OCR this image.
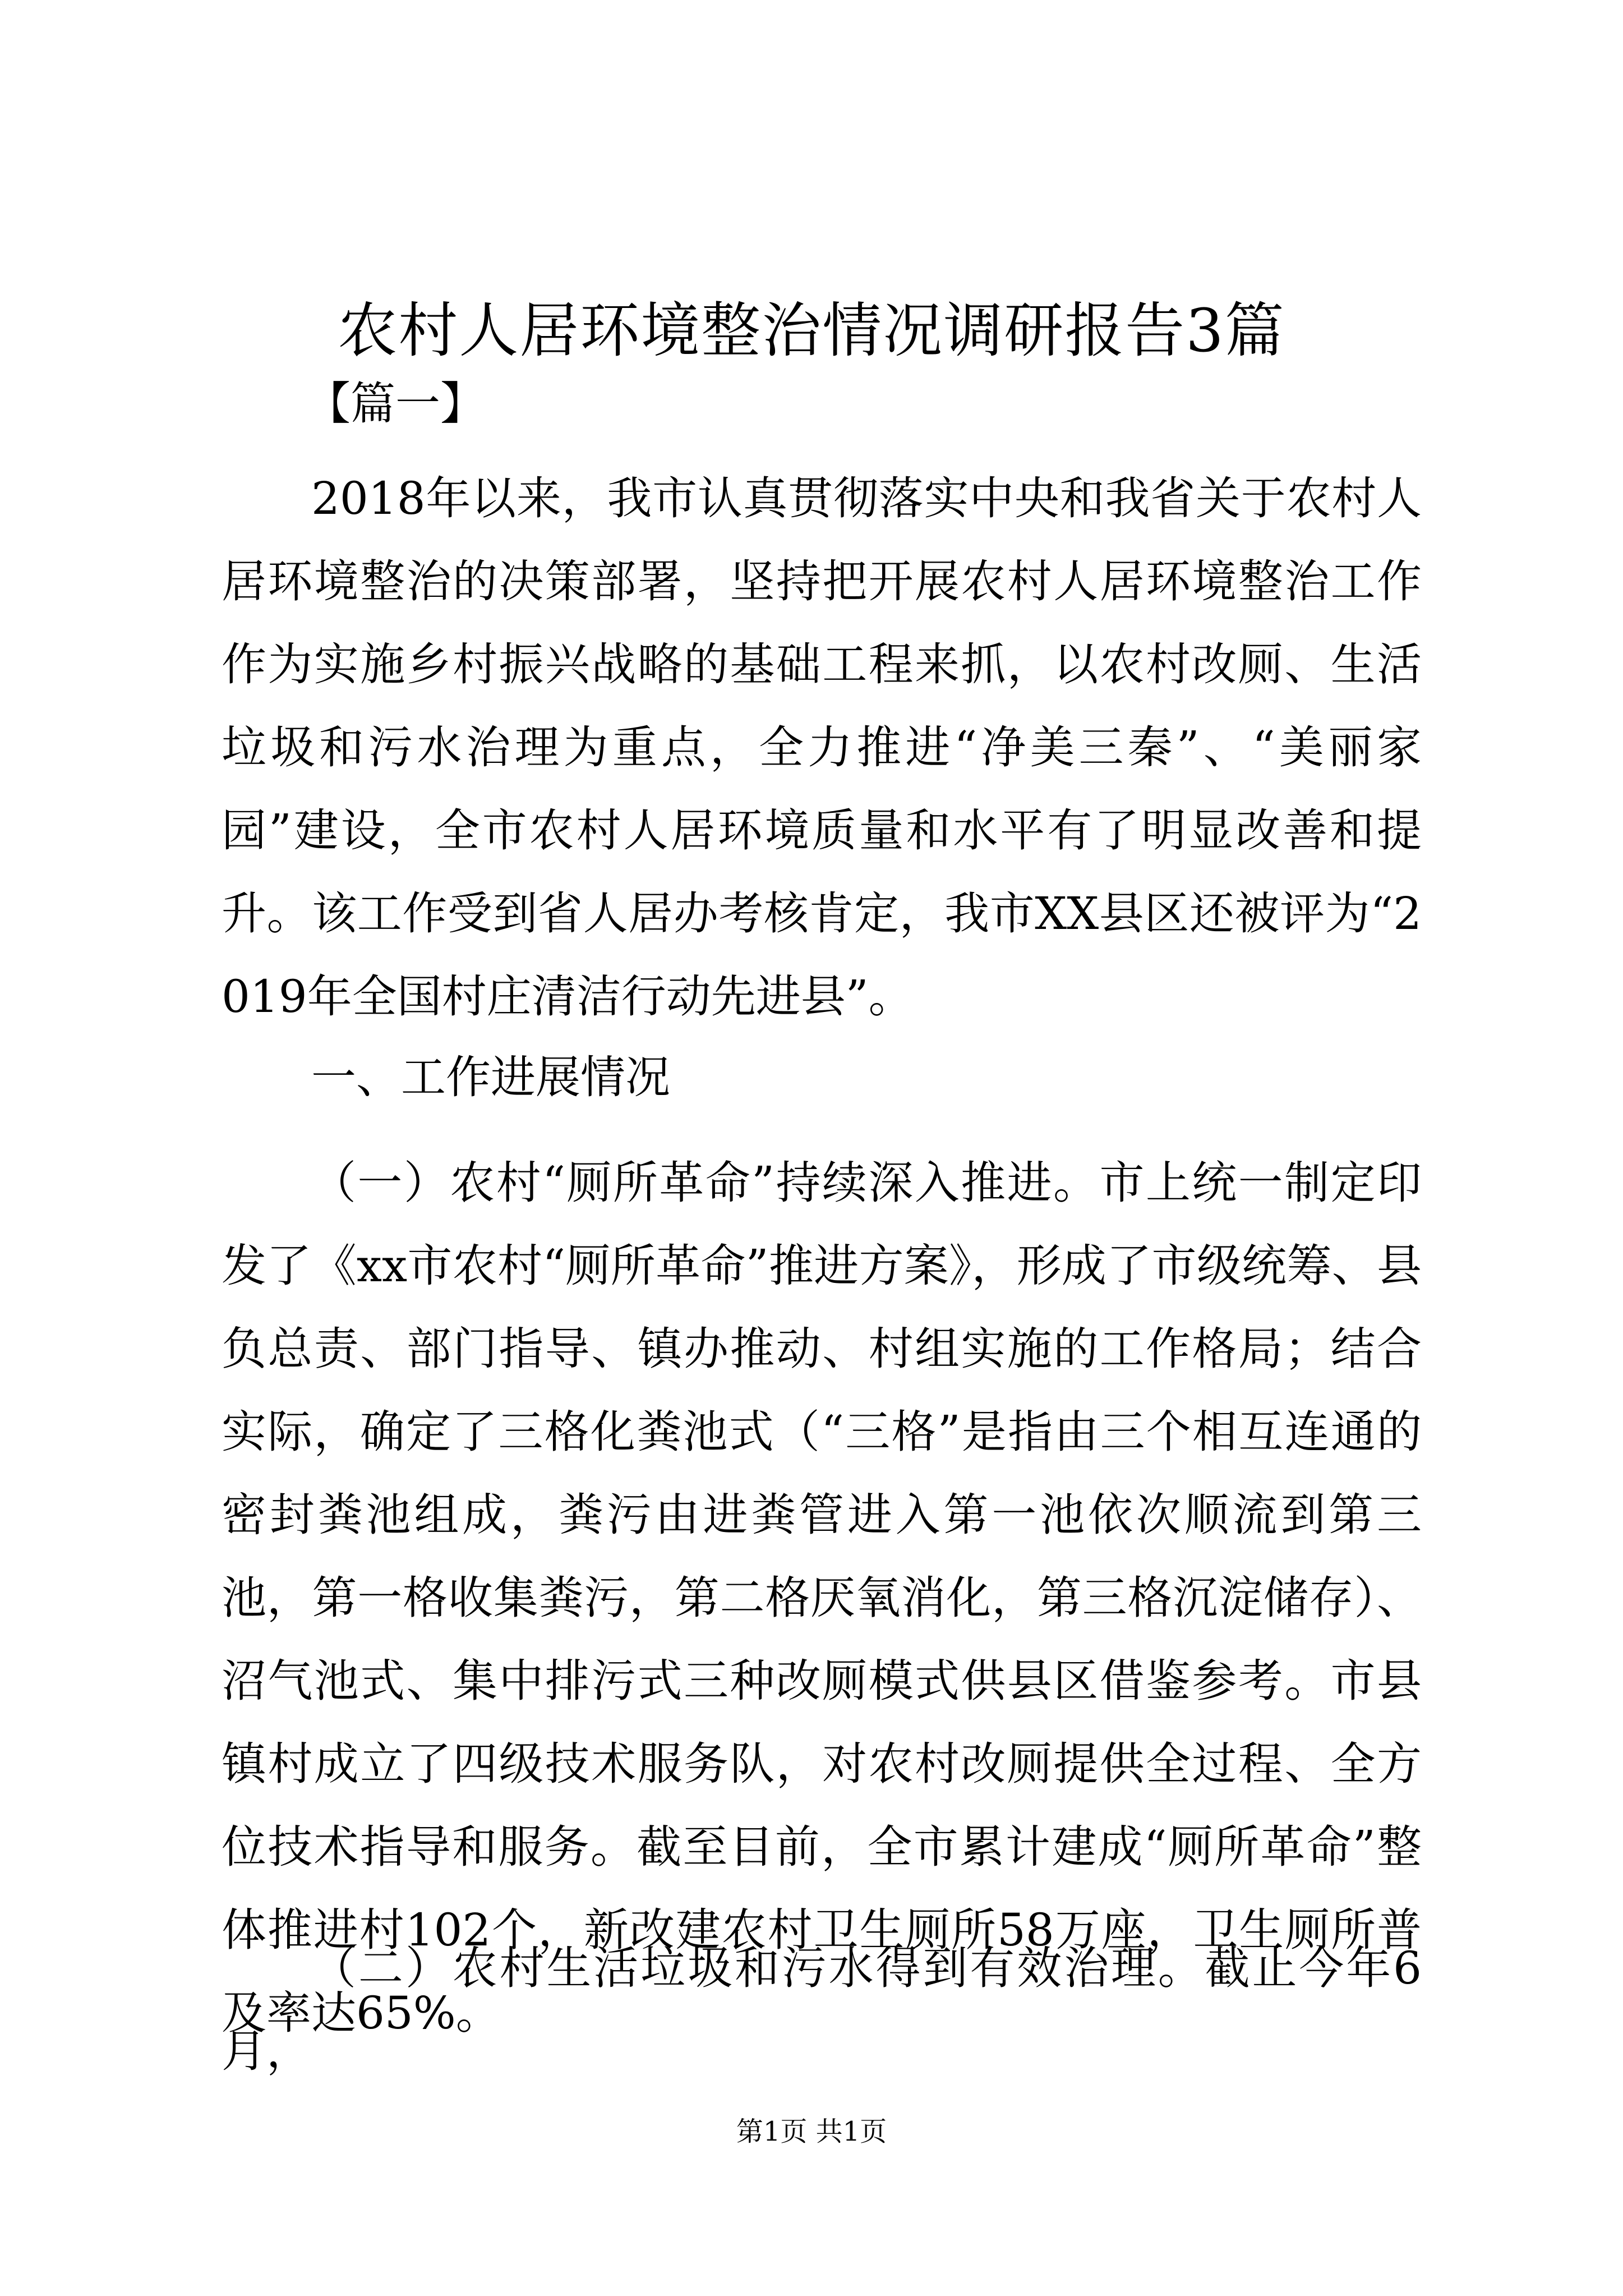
农村人居环境整治情况调研报告3篇
【篇一】

2018年以来，我市认真贯彻落实中央和我省关于农村人居环境整治的决策部署，坚持把开展农村人居环境整治工作作为实施乡村振兴战略的基础工程来抓，以农村改厕、生活垃圾和污水治理为重点，全力推进“净美三秦”、“美丽家园”建设，全市农村人居环境质量和水平有了明显改善和提升。该工作受到省人居办考核肯定，我市XX县区还被评为“2019年全国村庄清洁行动先进县”。

一、工作进展情况

（一）农村“厕所革命”持续深入推进。市上统一制定印发了《xx市农村“厕所革命”推进方案》，形成了市级统筹、县负总责、部门指导、镇办推动、村组实施的工作格局；结合实际，确定了三格化粪池式（“三格”是指由三个相互连通的密封粪池组成，粪污由进粪管进入第一池依次顺流到第三池，第一格收集粪污，第二格厌氧消化，第三格沉淀储存）、沼气池式、集中排污式三种改厕模式供县区借鉴参考。市县镇村成立了四级技术服务队，对农村改厕提供全过程、全方位技术指导和服务。截至目前，全市累计建成“厕所革命”整体推进村102个，新改建农村卫生厕所58万座，卫生厕所普及率达65%。

（二）农村生活垃圾和污水得到有效治理。截止今年6月，

第1页 共1页
